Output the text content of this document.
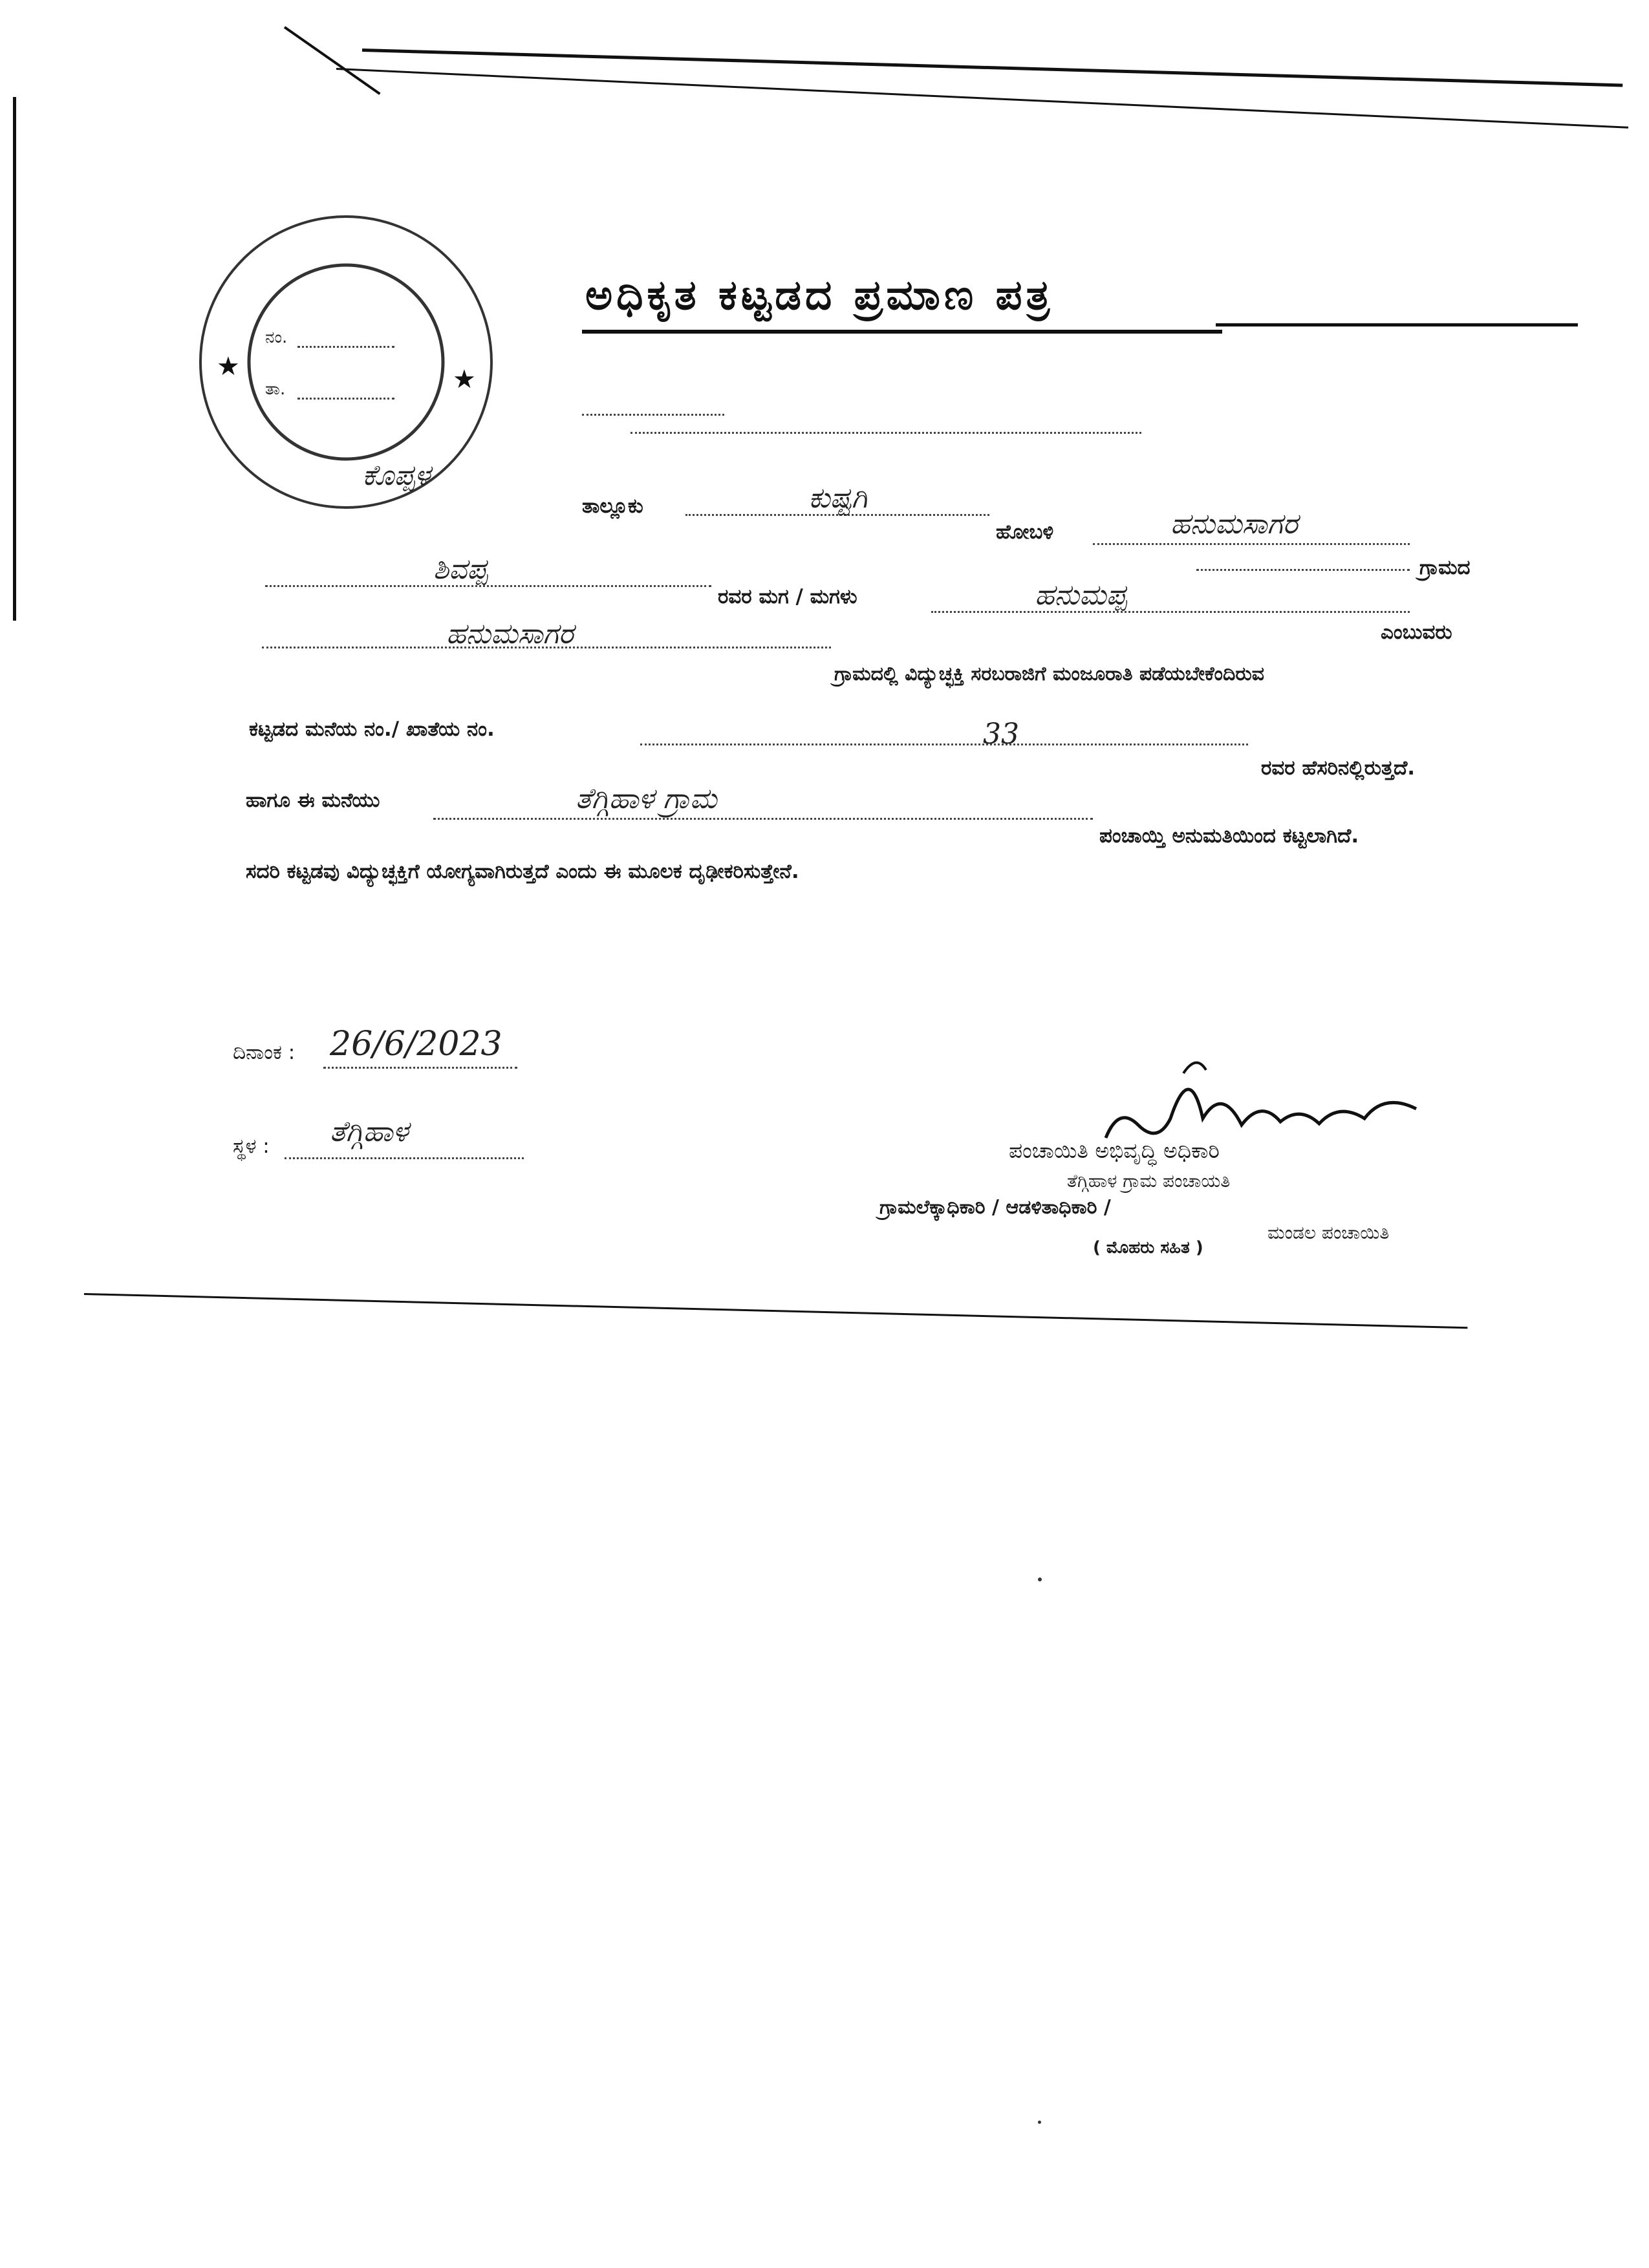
★	★
ನಂ.
ತಾ.
ಅಧಿಕೃತ ಕಟ್ಟಡದ ಪ್ರಮಾಣ ಪತ್ರ
ಕೊಪ್ಪಳ
ತಾಲ್ಲೂಕು	ಕುಷ್ಟಗಿ
ಹೋಬಳಿ	ಹನುಮಸಾಗರ
ಗ್ರಾಮದ
ಶಿವಪ್ಪ
ರವರ ಮಗ / ಮಗಳು	ಹನುಮಪ್ಪ
ಎಂಬುವರು
ಹನುಮಸಾಗರ
ಗ್ರಾಮದಲ್ಲಿ ವಿದ್ಯುಚ್ಛಕ್ತಿ ಸರಬರಾಜಿಗೆ ಮಂಜೂರಾತಿ ಪಡೆಯಬೇಕೆಂದಿರುವ
ಕಟ್ಟಡದ ಮನೆಯ ನಂ./ ಖಾತೆಯ ನಂ.	33
ರವರ ಹೆಸರಿನಲ್ಲಿರುತ್ತದೆ.
ಹಾಗೂ ಈ ಮನೆಯು	ತೆಗ್ಗಿಹಾಳ ಗ್ರಾಮ
ಪಂಚಾಯ್ತಿ ಅನುಮತಿಯಿಂದ ಕಟ್ಟಲಾಗಿದೆ.
ಸದರಿ ಕಟ್ಟಡವು ವಿದ್ಯುಚ್ಛಕ್ತಿಗೆ ಯೋಗ್ಯವಾಗಿರುತ್ತದೆ ಎಂದು ಈ ಮೂಲಕ ದೃಢೀಕರಿಸುತ್ತೇನೆ.
ದಿನಾಂಕ : 26/6/2023
ಸ್ಥಳ : ತೆಗ್ಗಿಹಾಳ
ಪಂಚಾಯಿತಿ ಅಭಿವೃದ್ಧಿ ಅಧಿಕಾರಿ
ತೆಗ್ಗಿಹಾಳ ಗ್ರಾಮ ಪಂಚಾಯತಿ
ಗ್ರಾಮಲೆಕ್ಕಾಧಿಕಾರಿ / ಆಡಳಿತಾಧಿಕಾರಿ /
ಮಂಡಲ ಪಂಚಾಯಿತಿ
( ಮೊಹರು ಸಹಿತ )
